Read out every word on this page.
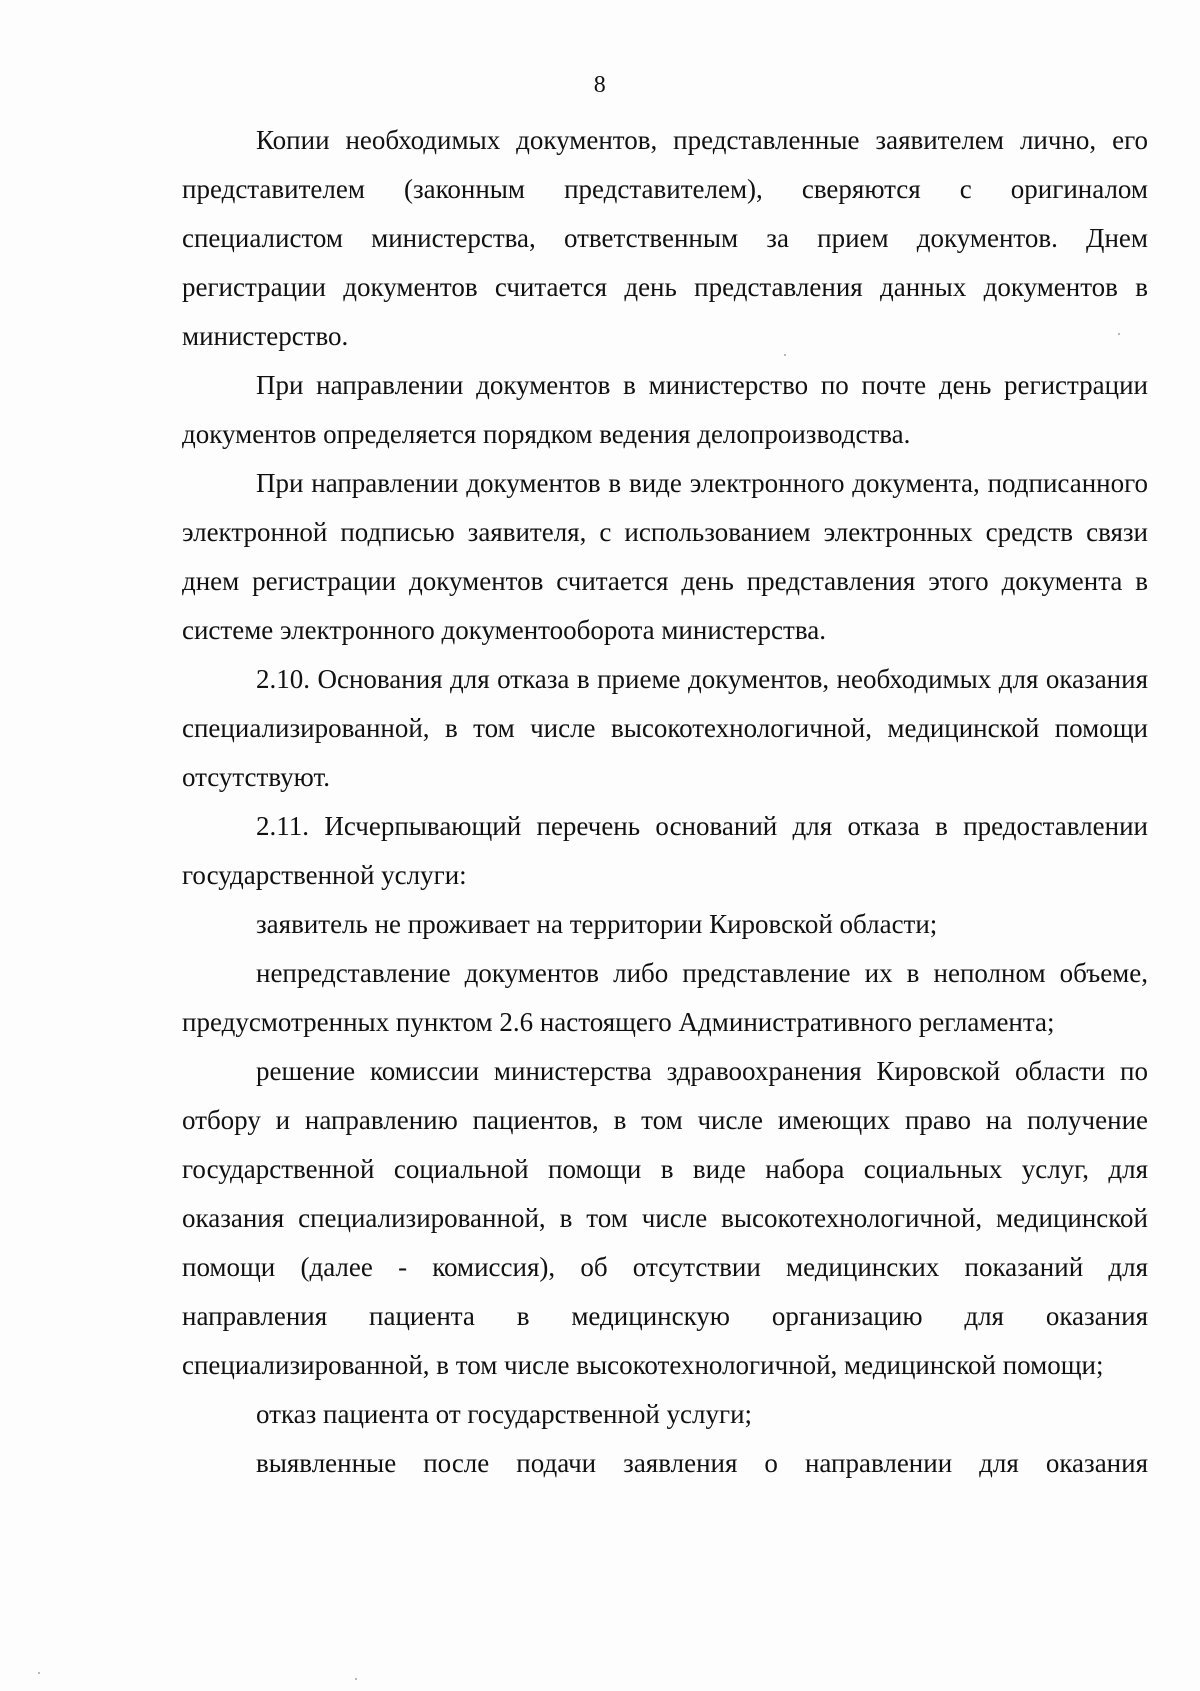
8

Копии необходимых документов, представленные заявителем лично, его представителем (законным представителем), сверяются с оригиналом специалистом министерства, ответственным за прием документов. Днем регистрации документов считается день представления данных документов в министерство.

При направлении документов в министерство по почте день регистрации документов определяется порядком ведения делопроизводства.

При направлении документов в виде электронного документа, подписанного электронной подписью заявителя, с использованием электронных средств связи днем регистрации документов считается день представления этого документа в системе электронного документооборота министерства.

2.10. Основания для отказа в приеме документов, необходимых для оказания специализированной, в том числе высокотехнологичной, медицинской помощи отсутствуют.

2.11. Исчерпывающий перечень оснований для отказа в предоставлении государственной услуги:

заявитель не проживает на территории Кировской области;

непредставление документов либо представление их в неполном объеме, предусмотренных пунктом 2.6 настоящего Административного регламента;

решение комиссии министерства здравоохранения Кировской области по отбору и направлению пациентов, в том числе имеющих право на получение государственной социальной помощи в виде набора социальных услуг, для оказания специализированной, в том числе высокотехнологичной, медицинской помощи (далее - комиссия), об отсутствии медицинских показаний для направления пациента в медицинскую организацию для оказания специализированной, в том числе высокотехнологичной, медицинской помощи;

отказ пациента от государственной услуги;

выявленные после подачи заявления о направлении для оказания
